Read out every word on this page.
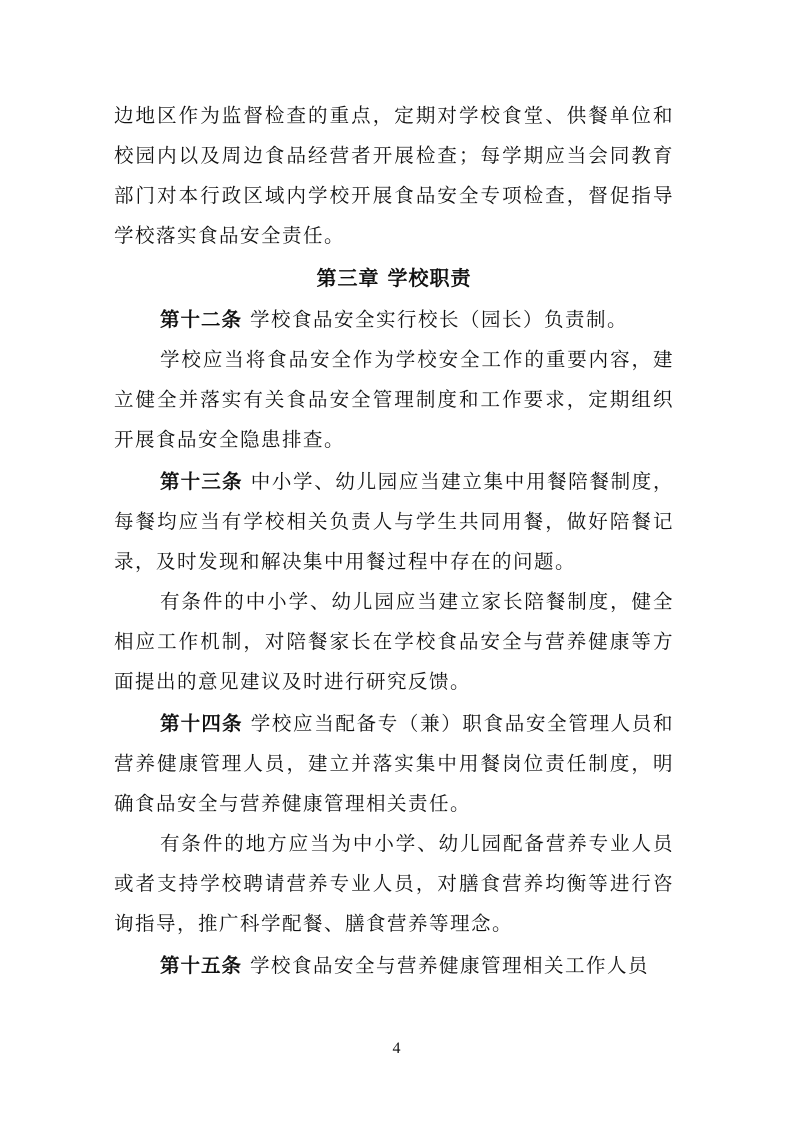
边地区作为监督检查的重点，定期对学校食堂、供餐单位和校园内以及周边食品经营者开展检查；每学期应当会同教育部门对本行政区域内学校开展食品安全专项检查，督促指导学校落实食品安全责任。

第三章 学校职责

第十二条 学校食品安全实行校长（园长）负责制。

学校应当将食品安全作为学校安全工作的重要内容，建立健全并落实有关食品安全管理制度和工作要求，定期组织开展食品安全隐患排查。

第十三条 中小学、幼儿园应当建立集中用餐陪餐制度，每餐均应当有学校相关负责人与学生共同用餐，做好陪餐记录，及时发现和解决集中用餐过程中存在的问题。

有条件的中小学、幼儿园应当建立家长陪餐制度，健全相应工作机制，对陪餐家长在学校食品安全与营养健康等方面提出的意见建议及时进行研究反馈。

第十四条 学校应当配备专（兼）职食品安全管理人员和营养健康管理人员，建立并落实集中用餐岗位责任制度，明确食品安全与营养健康管理相关责任。

有条件的地方应当为中小学、幼儿园配备营养专业人员或者支持学校聘请营养专业人员，对膳食营养均衡等进行咨询指导，推广科学配餐、膳食营养等理念。

第十五条 学校食品安全与营养健康管理相关工作人员

4
